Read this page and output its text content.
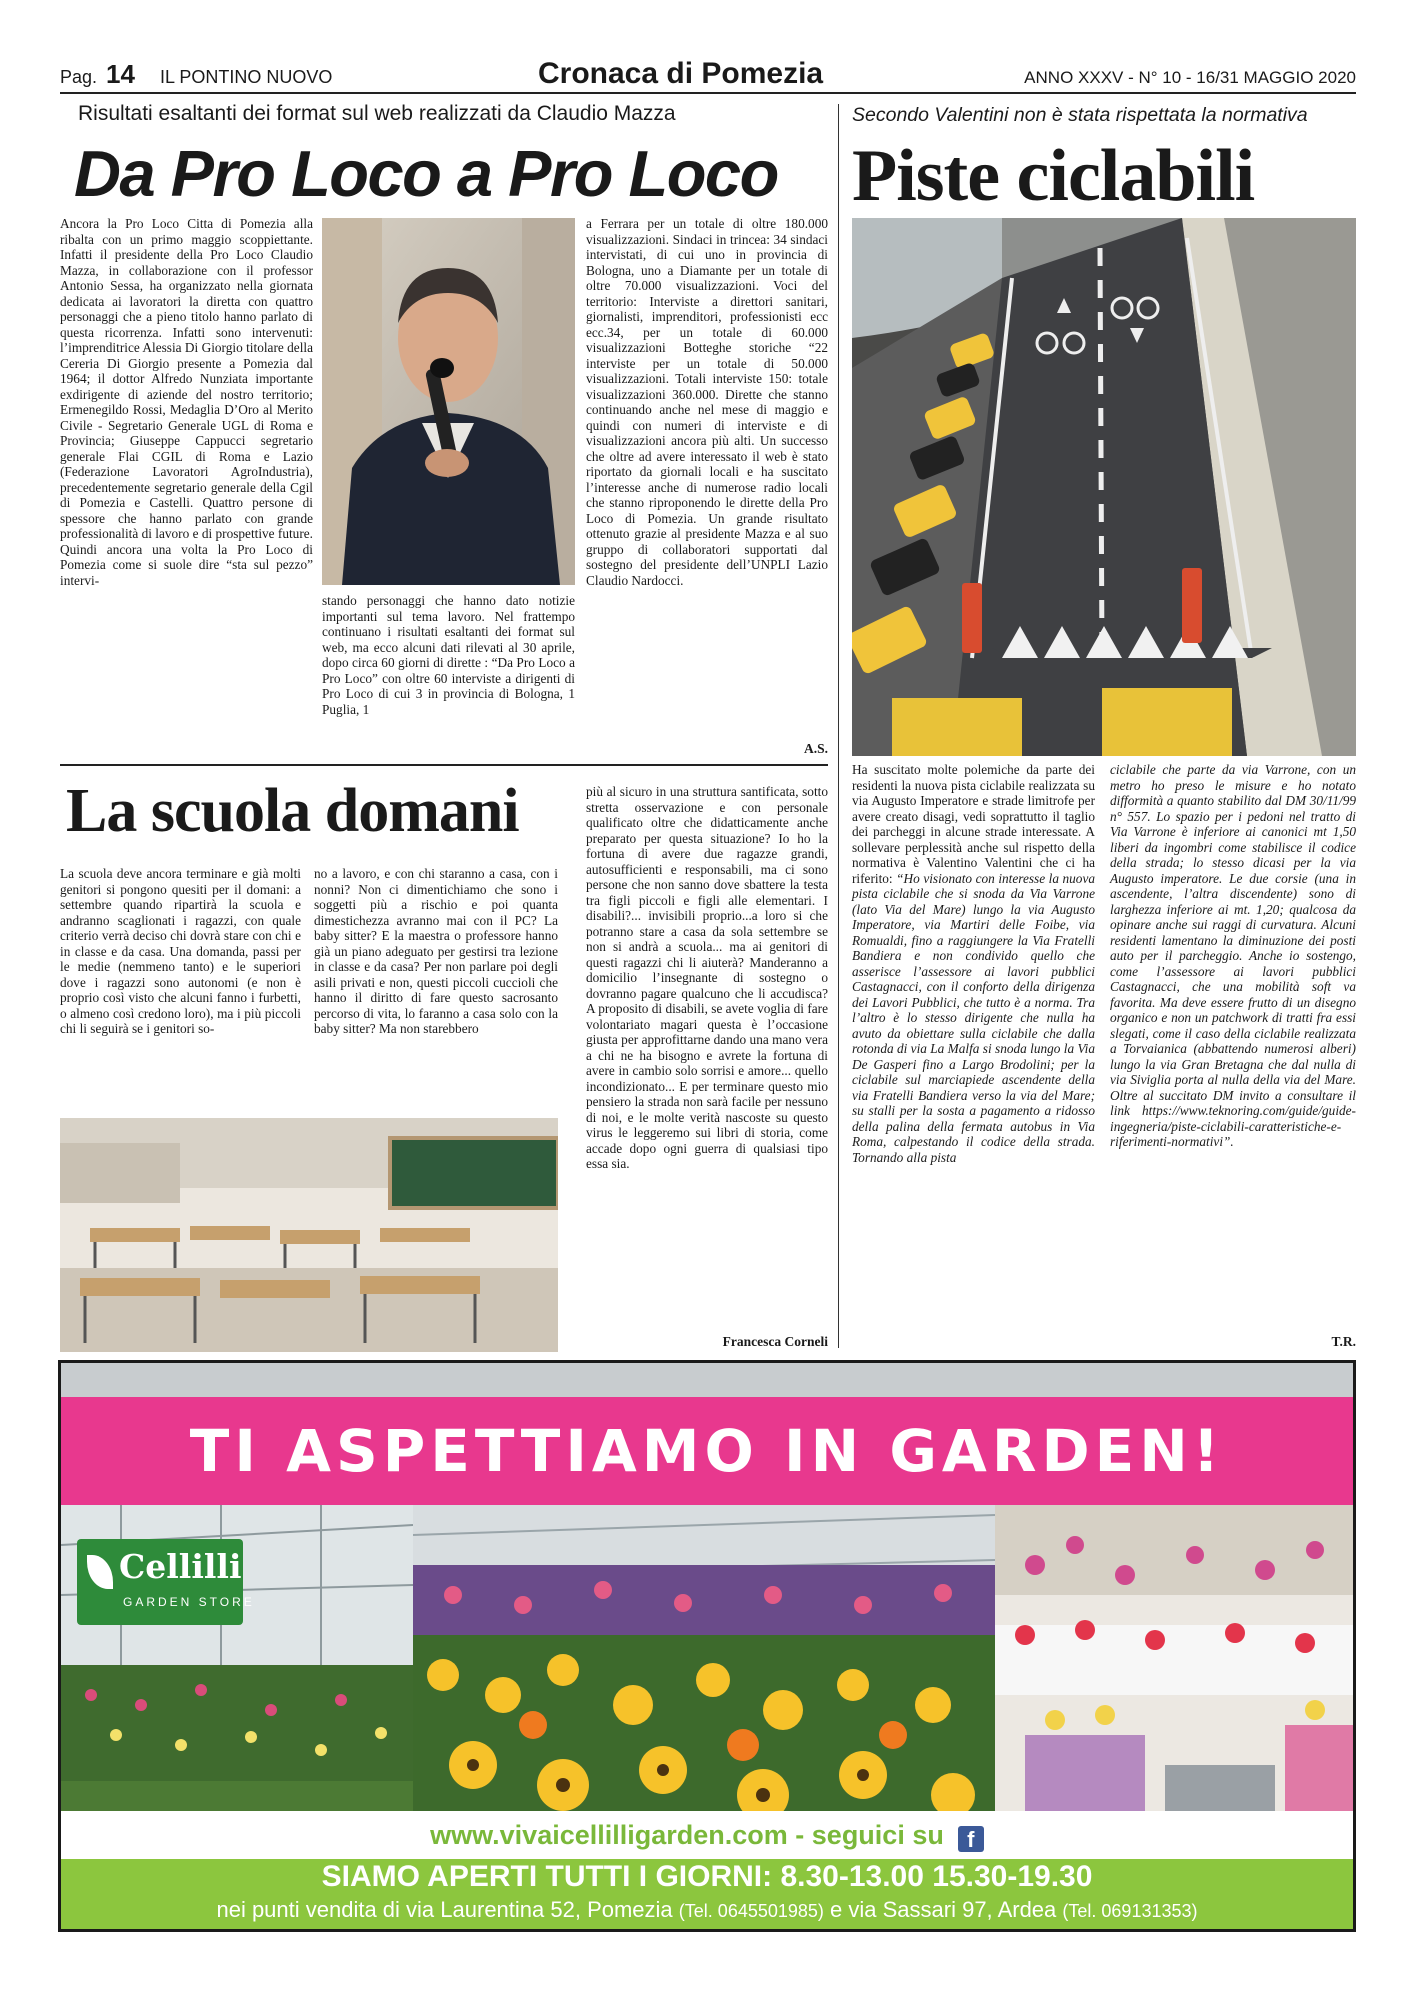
Pag. 14 IL PONTINO NUOVO	Cronaca di Pomezia	ANNO XXXV - N° 10 - 16/31 MAGGIO 2020
Risultati esaltanti dei format sul web realizzati da Claudio Mazza
Da Pro Loco a Pro Loco

Ancora la Pro Loco Citta di Pomezia alla ribalta con un primo maggio scoppiettante. Infatti il presidente della Pro Loco Claudio Mazza, in collaborazione con il professor Antonio Sessa, ha organizzato nella giornata dedicata ai lavoratori la diretta con quattro personaggi che a pieno titolo hanno parlato di questa ricorrenza. Infatti sono intervenuti: l’imprenditrice Alessia Di Giorgio titolare della Cereria Di Giorgio presente a Pomezia dal 1964; il dottor Alfredo Nunziata importante exdirigente di aziende del nostro territorio; Ermenegildo Rossi, Medaglia D’Oro al Merito Civile - Segretario Generale UGL di Roma e Provincia; Giuseppe Cappucci segretario generale Flai CGIL di Roma e Lazio (Federazione Lavoratori AgroIndustria), precedentemente segretario generale della Cgil di Pomezia e Castelli. Quattro persone di spessore che hanno parlato con grande professionalità di lavoro e di prospettive future. Quindi ancora una volta la Pro Loco di Pomezia come si suole dire “sta sul pezzo” intervi-

stando personaggi che hanno dato notizie importanti sul tema lavoro. Nel frattempo continuano i risultati esaltanti dei format sul web, ma ecco alcuni dati rilevati al 30 aprile, dopo circa 60 giorni di dirette : “Da Pro Loco a Pro Loco” con oltre 60 interviste a dirigenti di Pro Loco di cui 3 in provincia di Bologna, 1 Puglia, 1

a Ferrara per un totale di oltre 180.000 visualizzazioni. Sindaci in trincea: 34 sindaci intervistati, di cui uno in provincia di Bologna, uno a Diamante per un totale di oltre 70.000 visualizzazioni. Voci del territorio: Interviste a direttori sanitari, giornalisti, imprenditori, professionisti ecc ecc.34, per un totale di 60.000 visualizzazioni Botteghe storiche “22 interviste per un totale di 50.000 visualizzazioni. Totali interviste 150: totale visualizzazioni 360.000. Dirette che stanno continuando anche nel mese di maggio e quindi con numeri di interviste e di visualizzazioni ancora più alti. Un successo che oltre ad avere interessato il web è stato riportato da giornali locali e ha suscitato l’interesse anche di numerose radio locali che stanno riproponendo le dirette della Pro Loco di Pomezia. Un grande risultato ottenuto grazie al presidente Mazza e al suo gruppo di collaboratori supportati dal sostegno del presidente dell’UNPLI Lazio Claudio Nardocci.

A.S.
Secondo Valentini non è stata rispettata la normativa
Piste ciclabili

Ha suscitato molte polemiche da parte dei residenti la nuova pista ciclabile realizzata su via Augusto Imperatore e strade limitrofe per avere creato disagi, vedi soprattutto il taglio dei parcheggi in alcune strade interessate. A sollevare perplessità anche sul rispetto della normativa è Valentino Valentini che ci ha riferito: “Ho visionato con interesse la nuova pista ciclabile che si snoda da Via Varrone (lato Via del Mare) lungo la via Augusto Imperatore, via Martiri delle Foibe, via Romualdi, fino a raggiungere la Via Fratelli Bandiera e non condivido quello che asserisce l’assessore ai lavori pubblici Castagnacci, con il conforto della dirigenza dei Lavori Pubblici, che tutto è a norma. Tra l’altro è lo stesso dirigente che nulla ha avuto da obiettare sulla ciclabile che dalla rotonda di via La Malfa si snoda lungo la Via De Gasperi fino a Largo Brodolini; per la ciclabile sul marciapiede ascendente della via Fratelli Bandiera verso la via del Mare; su stalli per la sosta a pagamento a ridosso della palina della fermata autobus in Via Roma, calpestando il codice della strada. Tornando alla pista

ciclabile che parte da via Varrone, con un metro ho preso le misure e ho notato difformità a quanto stabilito dal DM 30/11/99 n° 557. Lo spazio per i pedoni nel tratto di Via Varrone è inferiore ai canonici mt 1,50 liberi da ingombri come stabilisce il codice della strada; lo stesso dicasi per la via Augusto imperatore. Le due corsie (una in ascendente, l’altra discendente) sono di larghezza inferiore ai mt. 1,20; qualcosa da opinare anche sui raggi di curvatura. Alcuni residenti lamentano la diminuzione dei posti auto per il parcheggio. Anche io sostengo, come l’assessore ai lavori pubblici Castagnacci, che una mobilità soft va favorita. Ma deve essere frutto di un disegno organico e non un patchwork di tratti fra essi slegati, come il caso della ciclabile realizzata a Torvaianica (abbattendo numerosi alberi) lungo la via Gran Bretagna che dal nulla di via Siviglia porta al nulla della via del Mare. Oltre al succitato DM invito a consultare il link https://www.teknoring.com/guide/guide-ingegneria/piste-ciclabili-caratteristiche-e-riferimenti-normativi”.

T.R.
La scuola domani

La scuola deve ancora terminare e già molti genitori si pongono quesiti per il domani: a settembre quando ripartirà la scuola e andranno scaglionati i ragazzi, con quale criterio verrà deciso chi dovrà stare con chi e in classe e da casa. Una domanda, passi per le medie (nemmeno tanto) e le superiori dove i ragazzi sono autonomi (e non è proprio così visto che alcuni fanno i furbetti, o almeno così credono loro), ma i più piccoli chi li seguirà se i genitori so-

no a lavoro, e con chi staranno a casa, con i nonni? Non ci dimentichiamo che sono i soggetti più a rischio e poi quanta dimestichezza avranno mai con il PC? La baby sitter? E la maestra o professore hanno già un piano adeguato per gestirsi tra lezione in classe e da casa? Per non parlare poi degli asili privati e non, questi piccoli cuccioli che hanno il diritto di fare questo sacrosanto percorso di vita, lo faranno a casa solo con la baby sitter? Ma non starebbero

più al sicuro in una struttura santificata, sotto stretta osservazione e con personale qualificato oltre che didatticamente anche preparato per questa situazione? Io ho la fortuna di avere due ragazze grandi, autosufficienti e responsabili, ma ci sono persone che non sanno dove sbattere la testa tra figli piccoli e figli alle elementari. I disabili?... invisibili proprio...a loro si che potranno stare a casa da sola settembre se non si andrà a scuola... ma ai genitori di questi ragazzi chi li aiuterà? Manderanno a domicilio l’insegnante di sostegno o dovranno pagare qualcuno che li accudisca? A proposito di disabili, se avete voglia di fare volontariato magari questa è l’occasione giusta per approfittarne dando una mano vera a chi ne ha bisogno e avrete la fortuna di avere in cambio solo sorrisi e amore... quello incondizionato... E per terminare questo mio pensiero la strada non sarà facile per nessuno di noi, e le molte verità nascoste su questo virus le leggeremo sui libri di storia, come accade dopo ogni guerra di qualsiasi tipo essa sia.

Francesca Corneli
TI ASPETTIAMO IN GARDEN!
Cellilli
GARDEN STORE
www.vivaicellilligarden.com - seguici su f
SIAMO APERTI TUTTI I GIORNI: 8.30-13.00 15.30-19.30
nei punti vendita di via Laurentina 52, Pomezia (Tel. 0645501985) e via Sassari 97, Ardea (Tel. 069131353)
